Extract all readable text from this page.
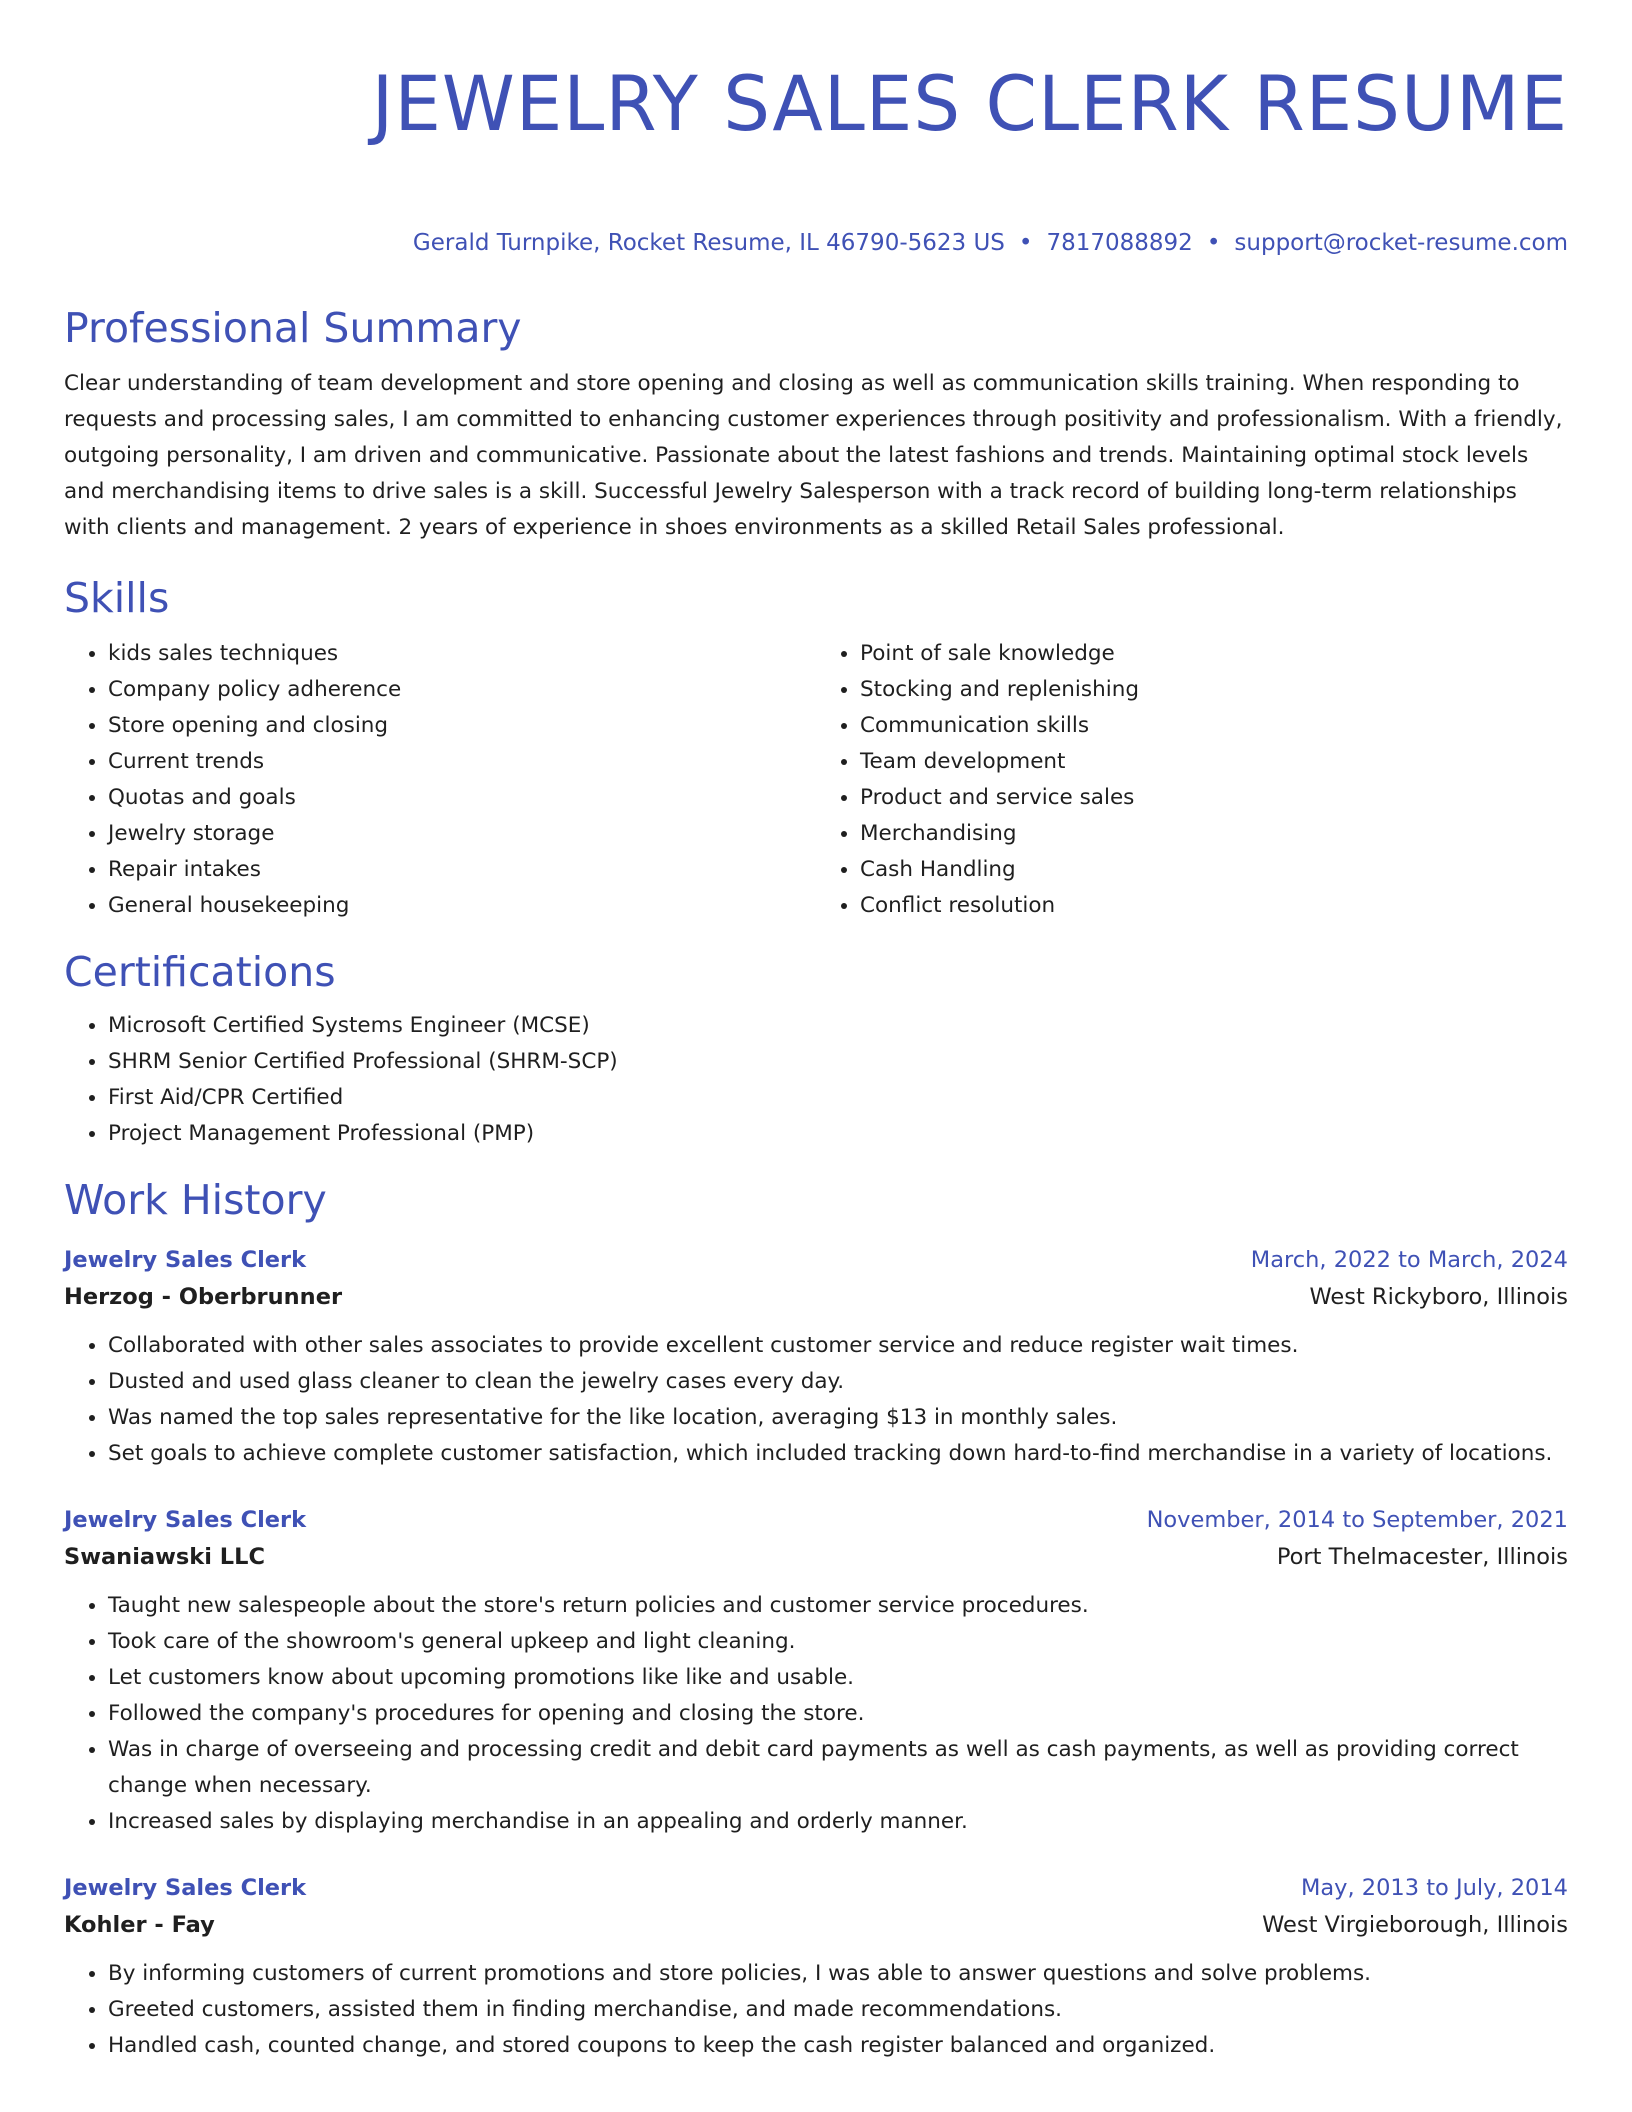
JEWELRY SALES CLERK RESUME
Gerald Turnpike, Rocket Resume, IL 46790-5623 US • 7817088892 • support@rocket-resume.com
Professional Summary

Clear understanding of team development and store opening and closing as well as communication skills training. When responding to requests and processing sales, I am committed to enhancing customer experiences through positivity and professionalism. With a friendly, outgoing personality, I am driven and communicative. Passionate about the latest fashions and trends. Maintaining optimal stock levels and merchandising items to drive sales is a skill. Successful Jewelry Salesperson with a track record of building long-term relationships with clients and management. 2 years of experience in shoes environments as a skilled Retail Sales professional.

Skills
• kids sales techniques
• Company policy adherence
• Store opening and closing
• Current trends
• Quotas and goals
• Jewelry storage
• Repair intakes
• General housekeeping
• Point of sale knowledge
• Stocking and replenishing
• Communication skills
• Team development
• Product and service sales
• Merchandising
• Cash Handling
• Conflict resolution
Certifications
• Microsoft Certified Systems Engineer (MCSE)
• SHRM Senior Certified Professional (SHRM-SCP)
• First Aid/CPR Certified
• Project Management Professional (PMP)
Work History
Jewelry Sales Clerk	March, 2022 to March, 2024
Herzog - Oberbrunner	West Rickyboro, Illinois
• Collaborated with other sales associates to provide excellent customer service and reduce register wait times.
• Dusted and used glass cleaner to clean the jewelry cases every day.
• Was named the top sales representative for the like location, averaging $13 in monthly sales.
• Set goals to achieve complete customer satisfaction, which included tracking down hard-to-find merchandise in a variety of locations.
Jewelry Sales Clerk	November, 2014 to September, 2021
Swaniawski LLC	Port Thelmacester, Illinois
• Taught new salespeople about the store's return policies and customer service procedures.
• Took care of the showroom's general upkeep and light cleaning.
• Let customers know about upcoming promotions like like and usable.
• Followed the company's procedures for opening and closing the store.
• Was in charge of overseeing and processing credit and debit card payments as well as cash payments, as well as providing correct change when necessary.
• Increased sales by displaying merchandise in an appealing and orderly manner.
Jewelry Sales Clerk	May, 2013 to July, 2014
Kohler - Fay	West Virgieborough, Illinois
• By informing customers of current promotions and store policies, I was able to answer questions and solve problems.
• Greeted customers, assisted them in finding merchandise, and made recommendations.
• Handled cash, counted change, and stored coupons to keep the cash register balanced and organized.
